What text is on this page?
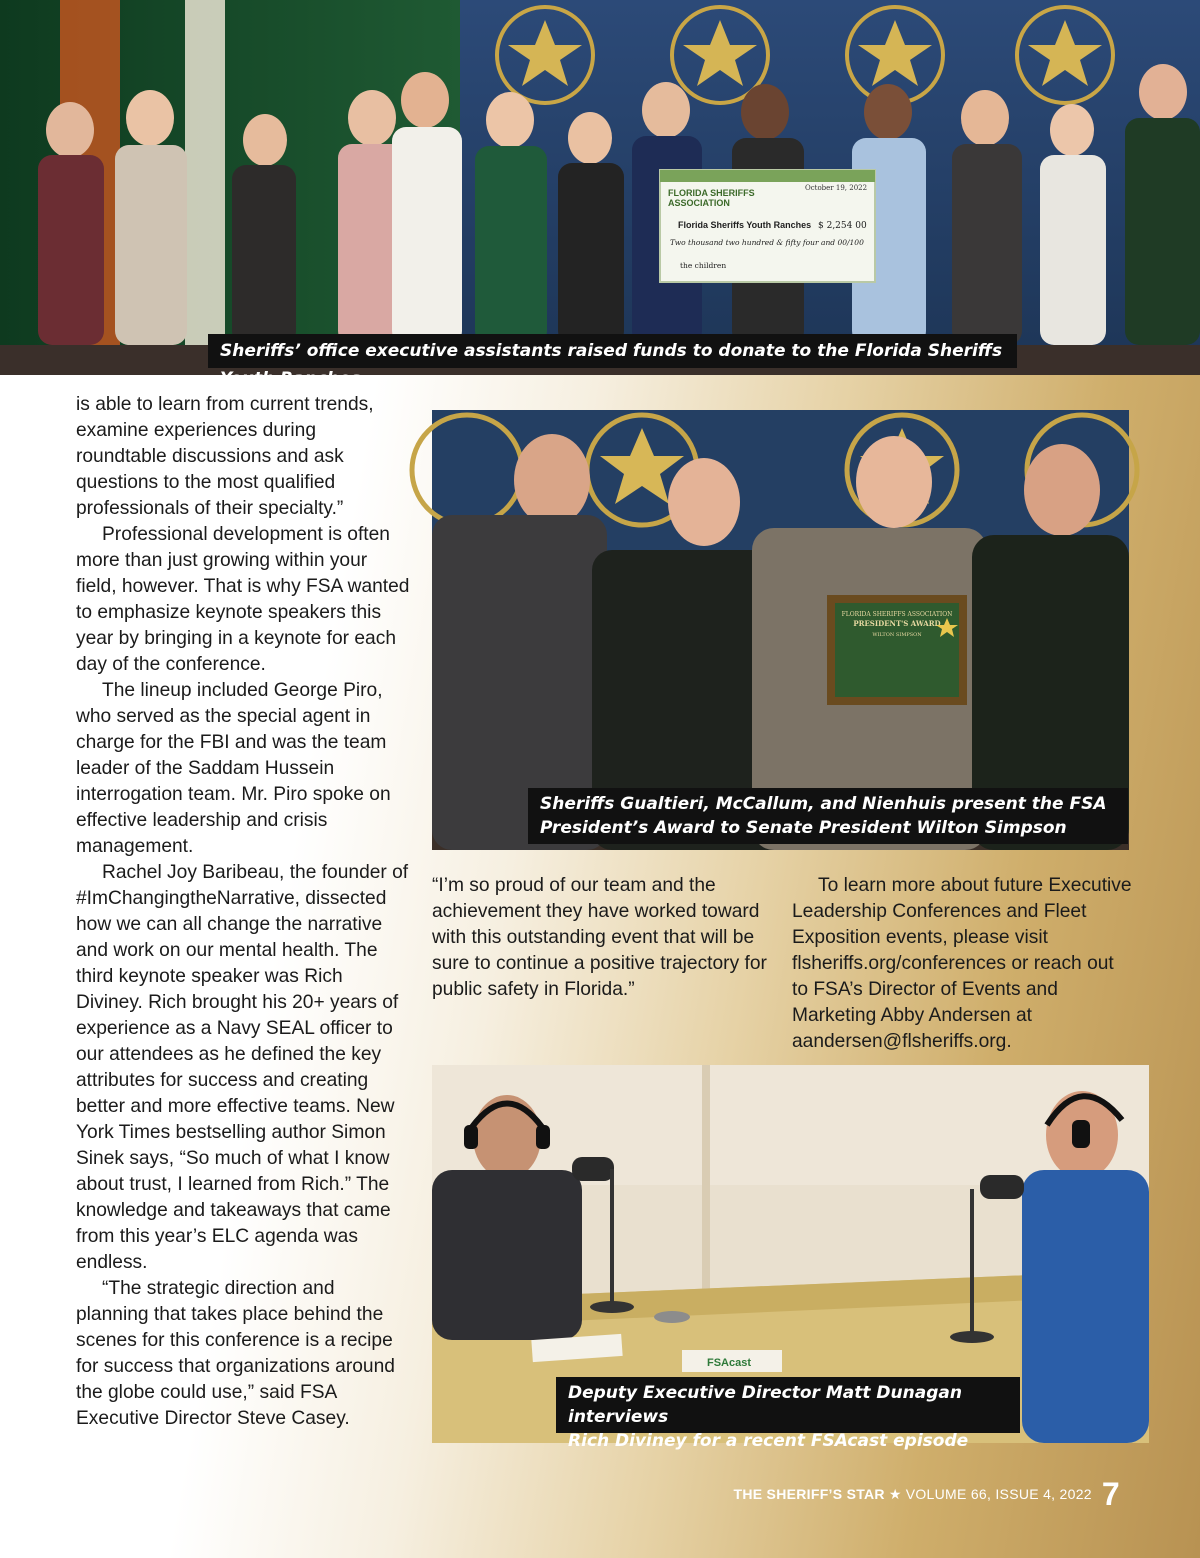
FLORIDA SHERIFFS
ASSOCIATION
October 19, 2022
Florida Sheriffs Youth Ranches $ 2,254 00
Two thousand two hundred & fifty four and 00/100
the children
Sheriffs’ office executive assistants raised funds to donate to the Florida Sheriffs Youth Ranches

is able to learn from current trends, examine experiences during roundtable discussions and ask questions to the most qualified professionals of their specialty.”

Professional development is often more than just growing within your field, however. That is why FSA wanted to emphasize keynote speakers this year by bringing in a keynote for each day of the conference.

The lineup included George Piro, who served as the special agent in charge for the FBI and was the team leader of the Saddam Hussein interrogation team. Mr. Piro spoke on effective leadership and crisis management.

Rachel Joy Baribeau, the founder of #ImChangingtheNarrative, dissected how we can all change the narrative and work on our mental health. The third keynote speaker was Rich Diviney. Rich brought his 20+ years of experience as a Navy SEAL officer to our attendees as he defined the key attributes for success and creating better and more effective teams. New York Times bestselling author Simon Sinek says, “So much of what I know about trust, I learned from Rich.” The knowledge and takeaways that came from this year’s ELC agenda was endless.

“The strategic direction and planning that takes place behind the scenes for this conference is a recipe for success that organizations around the globe could use,” said FSA Executive Director Steve Casey.

FLORIDA SHERIFFS ASSOCIATION
PRESIDENT'S AWARD
WILTON SIMPSON
Sheriffs Gualtieri, McCallum, and Nienhuis present the FSA
President’s Award to Senate President Wilton Simpson

“I’m so proud of our team and the achievement they have worked toward with this outstanding event that will be sure to continue a positive trajectory for public safety in Florida.”

To learn more about future Executive Leadership Conferences and Fleet Exposition events, please visit flsheriffs.org/conferences or reach out to FSA’s Director of Events and Marketing Abby Andersen at aandersen@flsheriffs.org.

FSAcast
Deputy Executive Director Matt Dunagan interviews
Rich Diviney for a recent FSAcast episode
THE SHERIFF’S STAR ★ VOLUME 66, ISSUE 4, 2022 7
